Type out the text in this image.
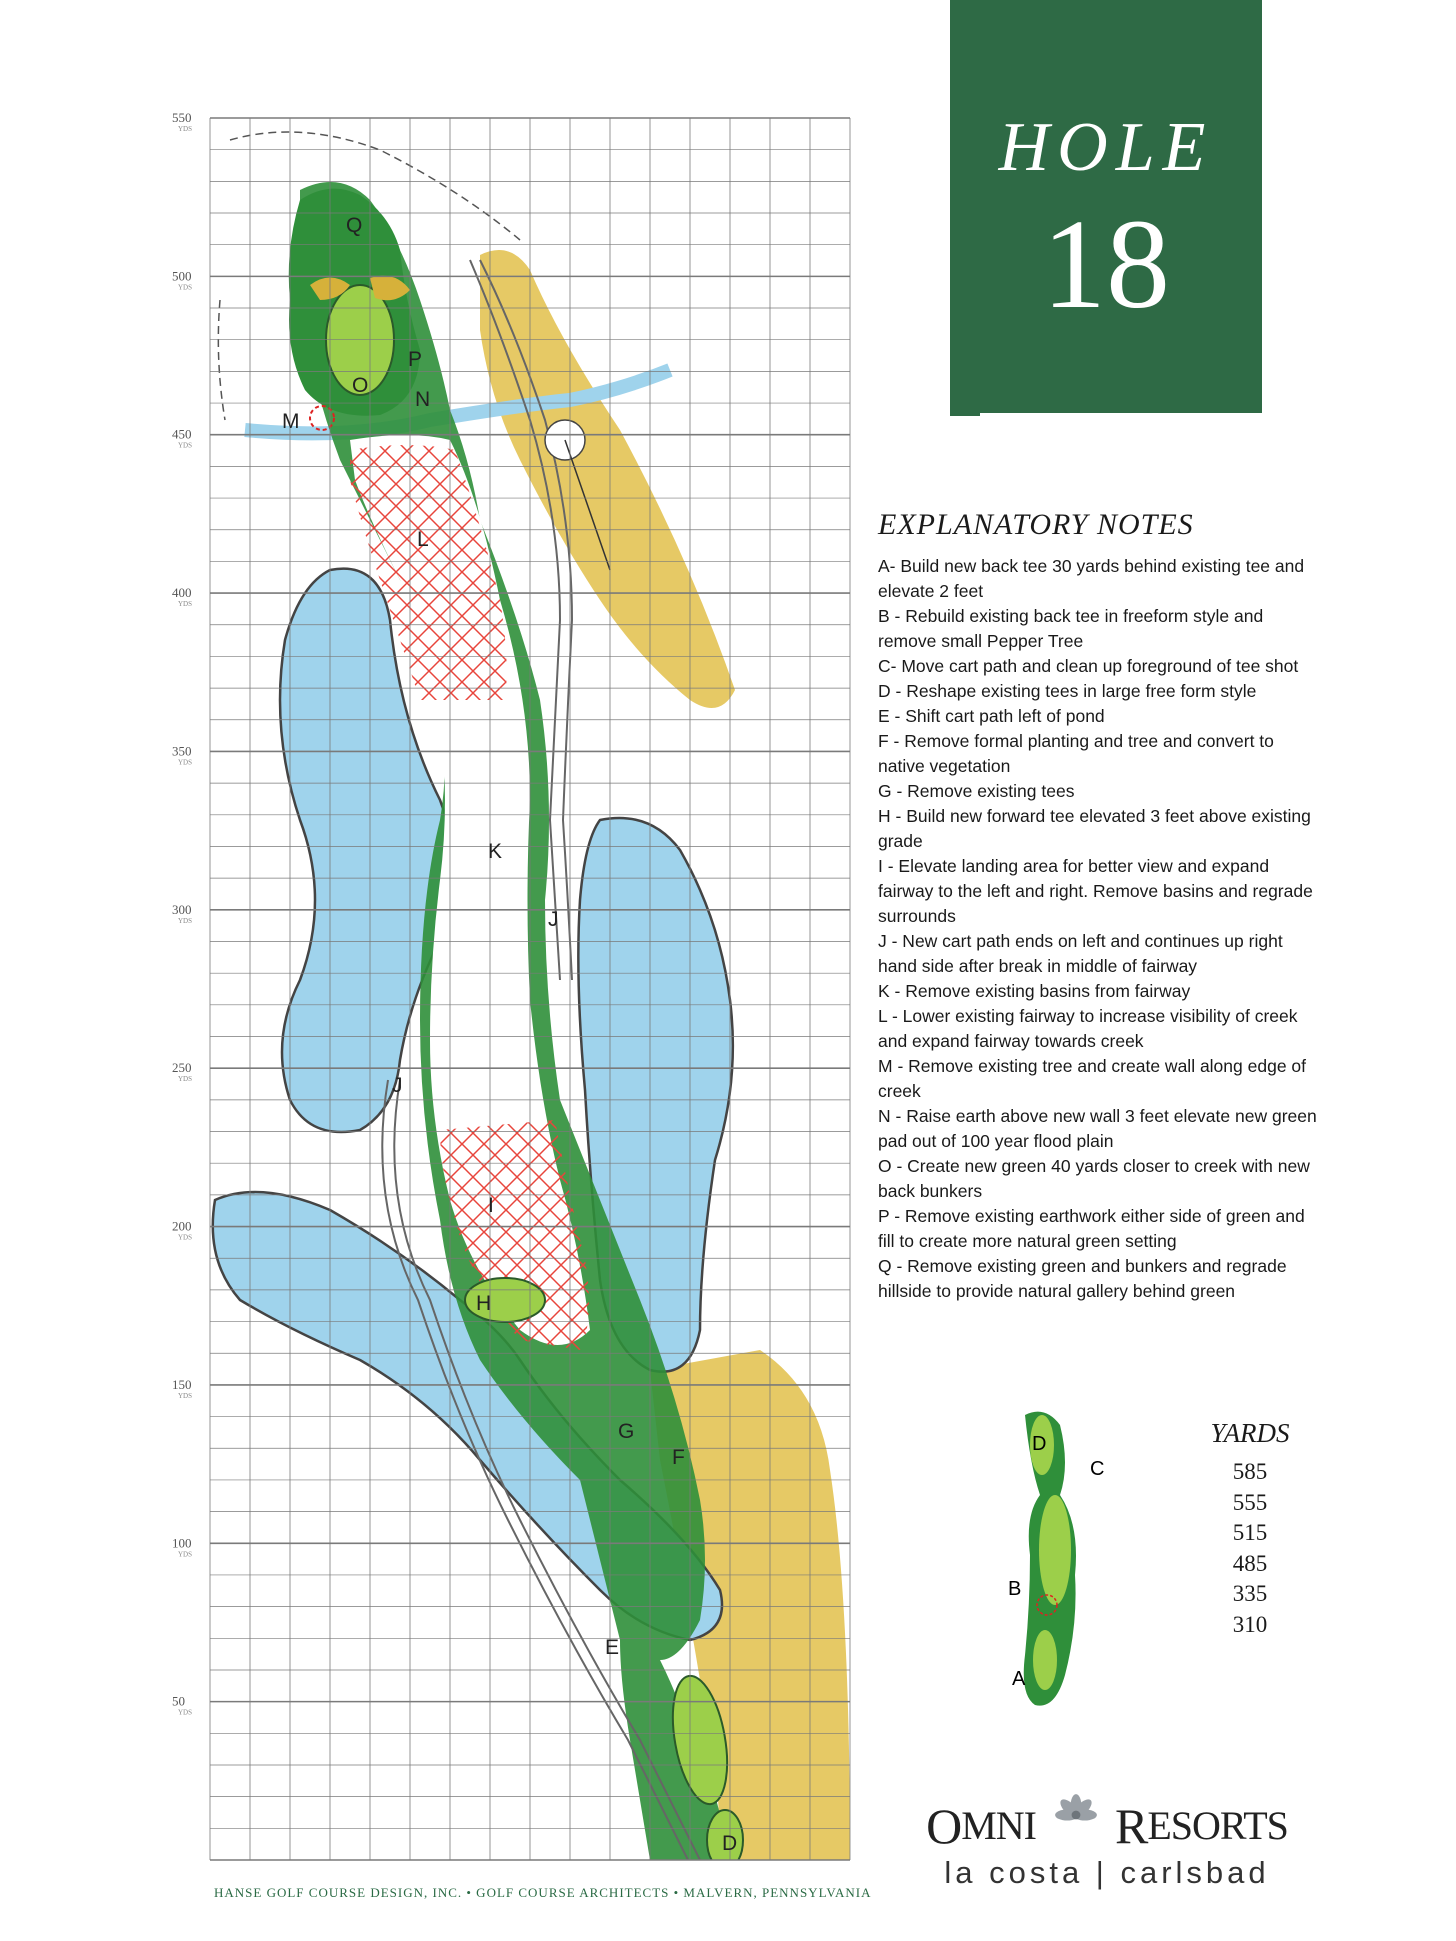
550
YDS
500
YDS
450
YDS
400
YDS
350
YDS
300
YDS
250
YDS
200
YDS
150
YDS
100
YDS
50
YDS
Q
P
O
N
M
L
K
J
J
I
H
G
F
E
D
HANSE GOLF COURSE DESIGN, INC. • GOLF COURSE ARCHITECTS • MALVERN, PENNSYLVANIA
HOLE
18
EXPLANATORY NOTES
A- Build new back tee 30 yards behind existing tee and elevate 2 feet
B - Rebuild existing back tee in freeform style and remove small Pepper Tree
C- Move cart path and clean up foreground of tee shot
D - Reshape existing tees in large free form style
E - Shift cart path left of pond
F - Remove formal planting and tree and convert to native vegetation
G - Remove existing tees
H - Build new forward tee elevated 3 feet above existing grade
I - Elevate landing area for better view and expand fairway to the left and right. Remove basins and regrade surrounds
J - New cart path ends on left and continues up right hand side after break in middle of fairway
K - Remove existing basins from fairway
L - Lower existing fairway to increase visibility of creek and expand fairway towards creek
M - Remove existing tree and create wall along edge of creek
N - Raise earth above new wall 3 feet elevate new green pad out of 100 year flood plain
O - Create new green 40 yards closer to creek with new back bunkers
P - Remove existing earthwork either side of green and fill to create more natural green setting
Q - Remove existing green and bunkers and regrade hillside to provide natural gallery behind green
D
C
B
A
YARDS
585
555
515
485
335
310
OMNI RESORTS
la costa | carlsbad
